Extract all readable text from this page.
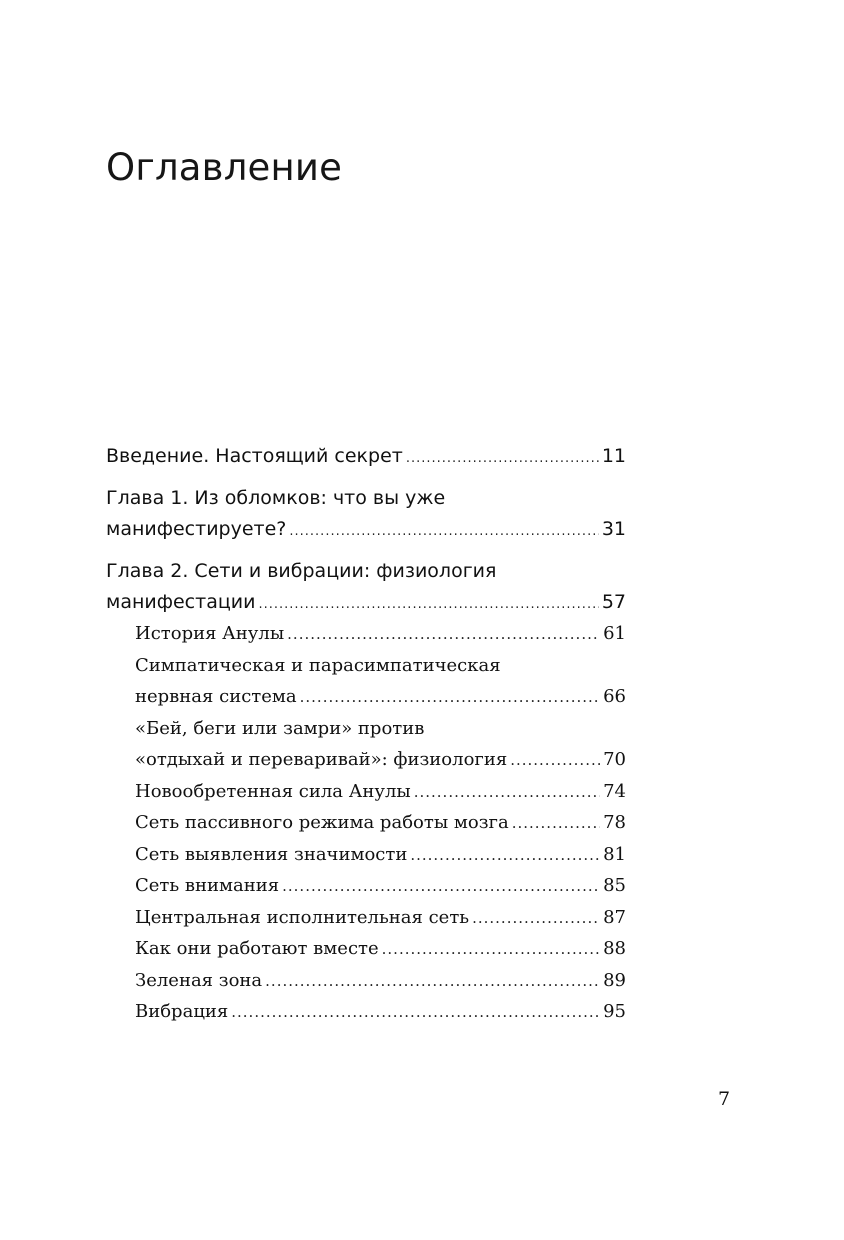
Оглавление
Введение. Настоящий секрет .....	11
Глава 1. Из обломков: что вы уже
манифестируете? .....	31
Глава 2. Сети и вибрации: физиология
манифестации .....	57
История Анулы .....	61
Симпатическая и парасимпатическая
нервная система .....	66
«Бей, беги или замри» против
«отдыхай и переваривай»: физиология .....	70
Новообретенная сила Анулы .....	74
Сеть пассивного режима работы мозга .....	78
Сеть выявления значимости .....	81
Сеть внимания .....	85
Центральная исполнительная сеть .....	87
Как они работают вместе .....	88
Зеленая зона .....	89
Вибрация .....	95
7
